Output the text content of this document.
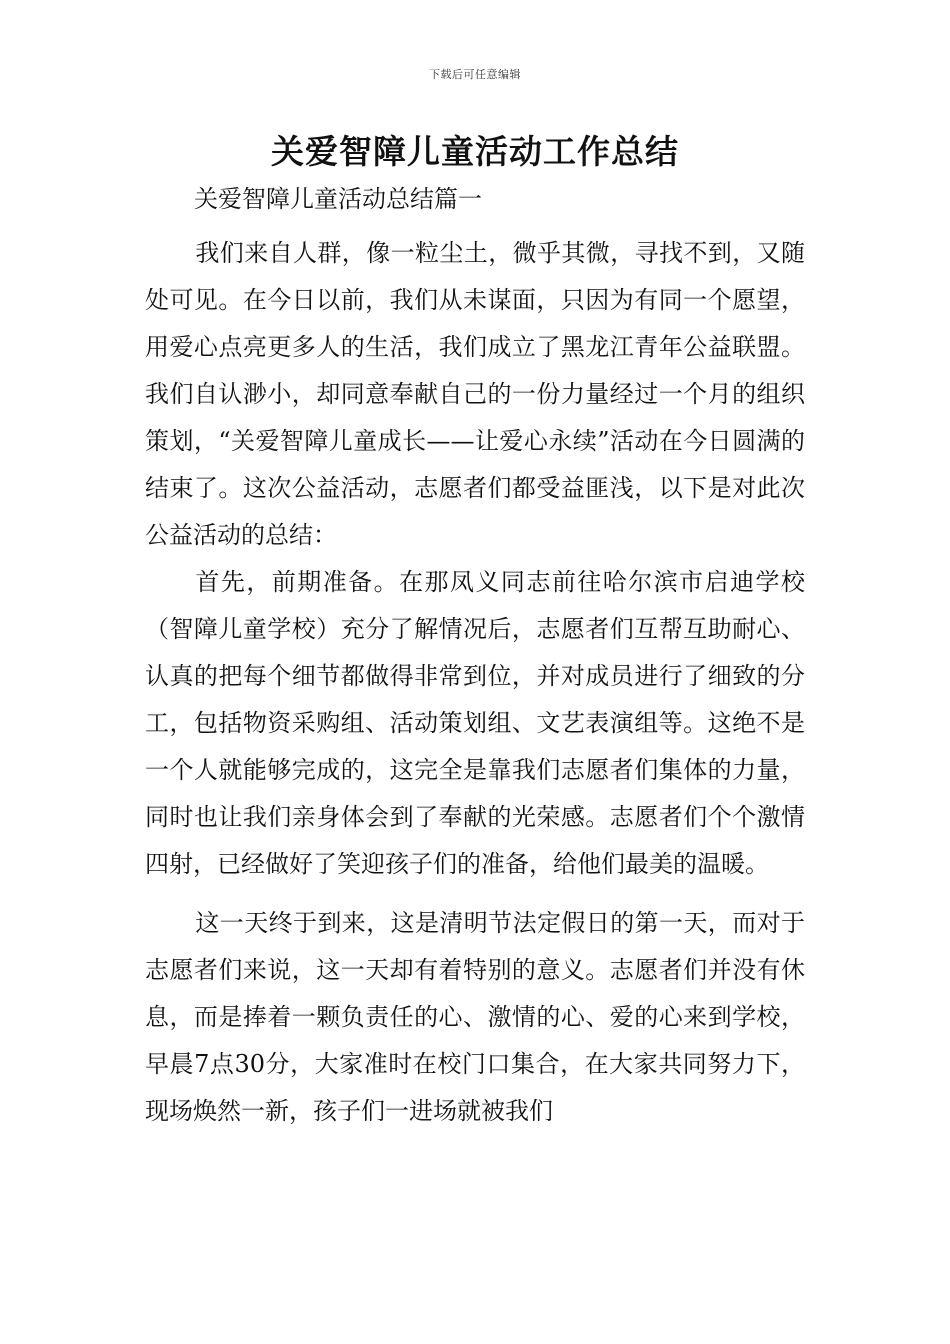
下载后可任意编辑
关爱智障儿童活动工作总结
关爱智障儿童活动总结篇一

我们来自人群，像一粒尘土，微乎其微，寻找不到，又随处可见。在今日以前，我们从未谋面，只因为有同一个愿望，用爱心点亮更多人的生活，我们成立了黑龙江青年公益联盟。我们自认渺小，却同意奉献自己的一份力量经过一个月的组织策划，“关爱智障儿童成长——让爱心永续”活动在今日圆满的结束了。这次公益活动，志愿者们都受益匪浅，以下是对此次公益活动的总结：

首先，前期准备。在那凤义同志前往哈尔滨市启迪学校（智障儿童学校）充分了解情况后，志愿者们互帮互助耐心、认真的把每个细节都做得非常到位，并对成员进行了细致的分工，包括物资采购组、活动策划组、文艺表演组等。这绝不是一个人就能够完成的，这完全是靠我们志愿者们集体的力量，同时也让我们亲身体会到了奉献的光荣感。志愿者们个个激情四射，已经做好了笑迎孩子们的准备，给他们最美的温暖。

这一天终于到来，这是清明节法定假日的第一天，而对于志愿者们来说，这一天却有着特别的意义。志愿者们并没有休息，而是捧着一颗负责任的心、激情的心、爱的心来到学校，早晨7点30分，大家准时在校门口集合，在大家共同努力下，现场焕然一新，孩子们一进场就被我们
